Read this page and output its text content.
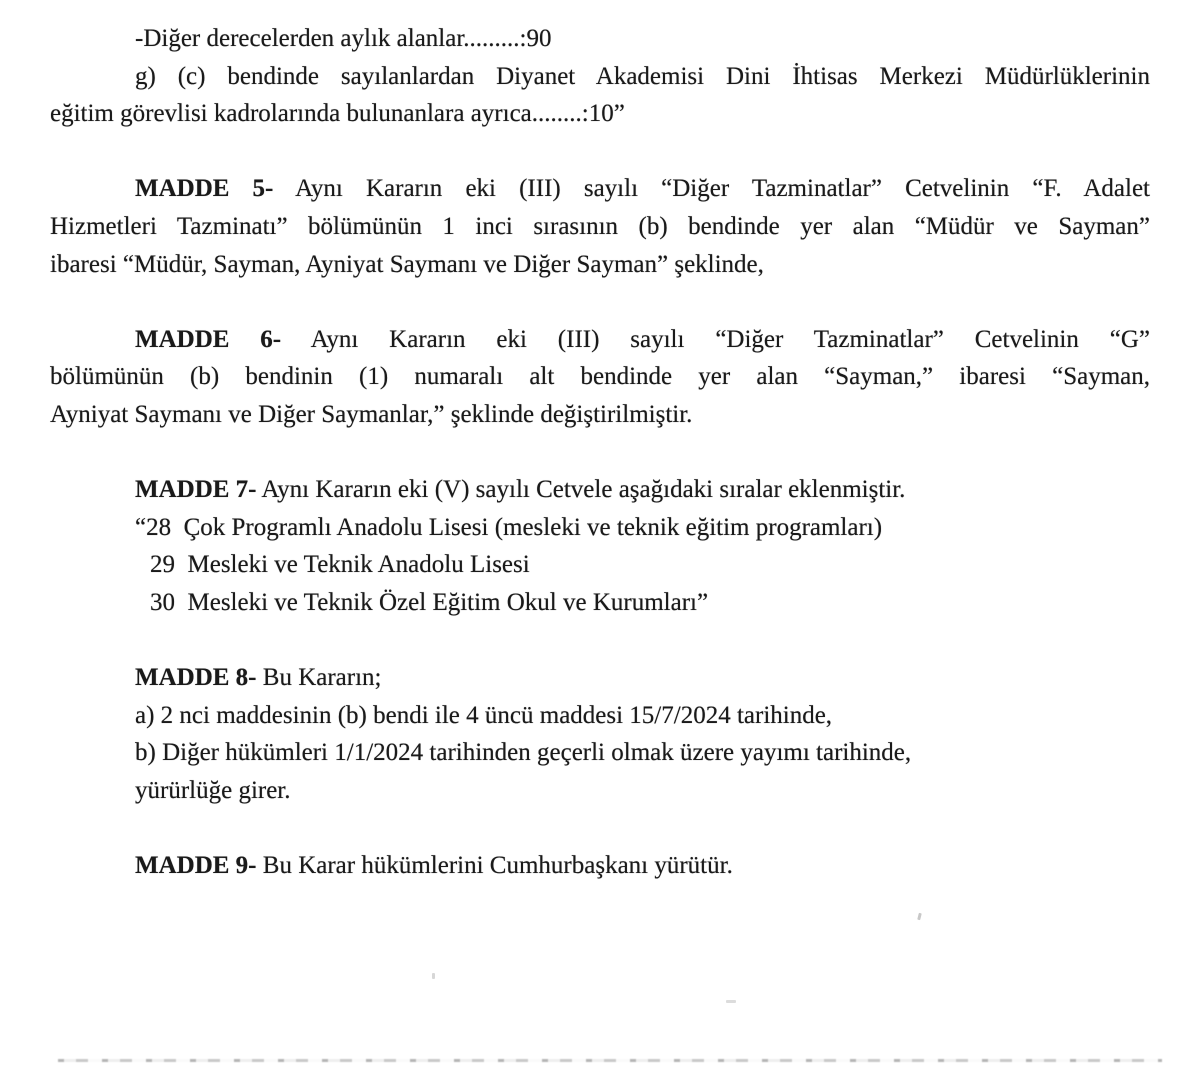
-Diğer derecelerden aylık alanlar.........:90
g) (c) bendinde sayılanlardan Diyanet Akademisi Dini İhtisas Merkezi Müdürlüklerinin
eğitim görevlisi kadrolarında bulunanlara ayrıca........:10”
MADDE 5- Aynı Kararın eki (III) sayılı “Diğer Tazminatlar” Cetvelinin “F. Adalet
Hizmetleri Tazminatı” bölümünün 1 inci sırasının (b) bendinde yer alan “Müdür ve Sayman”
ibaresi “Müdür, Sayman, Ayniyat Saymanı ve Diğer Sayman” şeklinde,
MADDE 6- Aynı Kararın eki (III) sayılı “Diğer Tazminatlar” Cetvelinin “G”
bölümünün (b) bendinin (1) numaralı alt bendinde yer alan “Sayman,” ibaresi “Sayman,
Ayniyat Saymanı ve Diğer Saymanlar,” şeklinde değiştirilmiştir.
MADDE 7- Aynı Kararın eki (V) sayılı Cetvele aşağıdaki sıralar eklenmiştir.
“28  Çok Programlı Anadolu Lisesi (mesleki ve teknik eğitim programları)
29  Mesleki ve Teknik Anadolu Lisesi
30  Mesleki ve Teknik Özel Eğitim Okul ve Kurumları”
MADDE 8- Bu Kararın;
a) 2 nci maddesinin (b) bendi ile 4 üncü maddesi 15/7/2024 tarihinde,
b) Diğer hükümleri 1/1/2024 tarihinden geçerli olmak üzere yayımı tarihinde,
yürürlüğe girer.
MADDE 9- Bu Karar hükümlerini Cumhurbaşkanı yürütür.
